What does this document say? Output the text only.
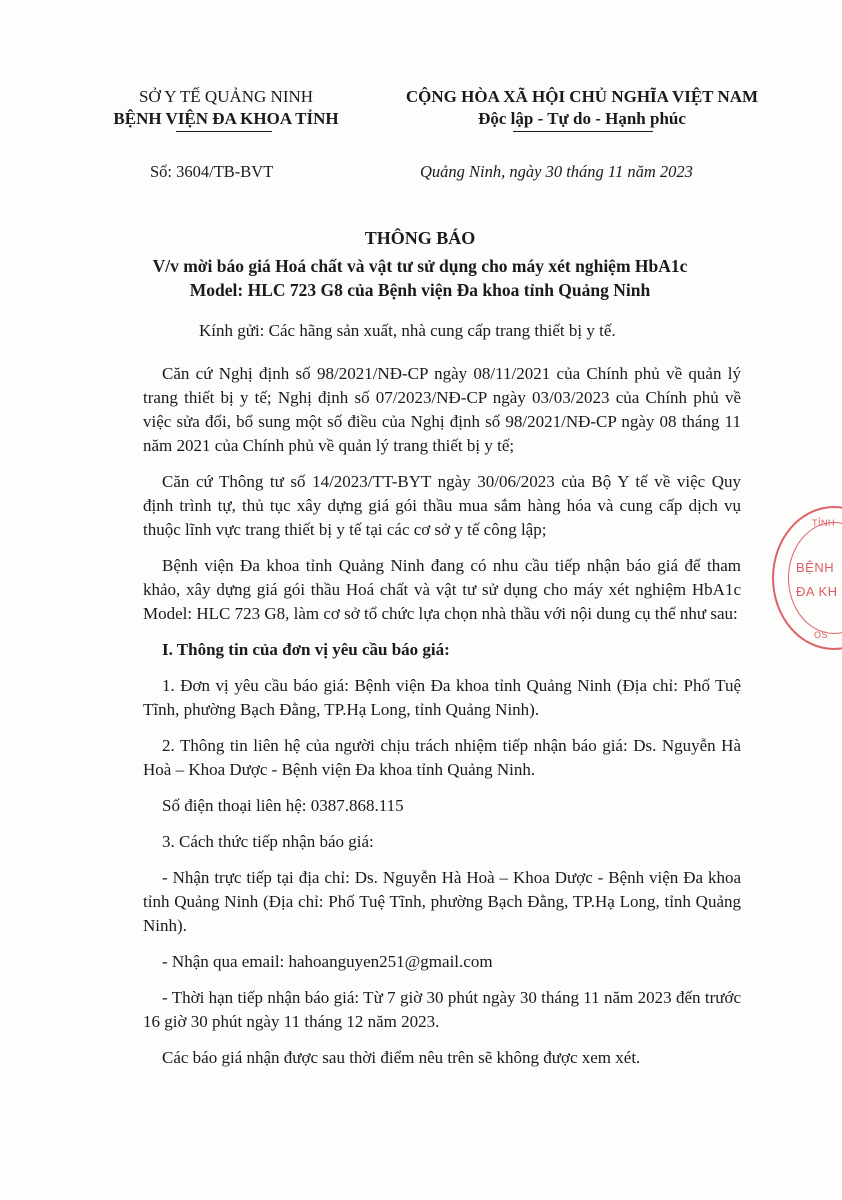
SỞ Y TẾ QUẢNG NINH
BỆNH VIỆN ĐA KHOA TỈNH
CỘNG HÒA XÃ HỘI CHỦ NGHĨA VIỆT NAM
Độc lập - Tự do - Hạnh phúc
Số: 3604/TB-BVT	Quảng Ninh, ngày 30 tháng 11 năm 2023
THÔNG BÁO
V/v mời báo giá Hoá chất và vật tư sử dụng cho máy xét nghiệm HbA1c
Model: HLC 723 G8 của Bệnh viện Đa khoa tỉnh Quảng Ninh
Kính gửi: Các hãng sản xuất, nhà cung cấp trang thiết bị y tế.

Căn cứ Nghị định số 98/2021/NĐ-CP ngày 08/11/2021 của Chính phủ về quản lý trang thiết bị y tế; Nghị định số 07/2023/NĐ-CP ngày 03/03/2023 của Chính phủ về việc sửa đổi, bổ sung một số điều của Nghị định số 98/2021/NĐ-CP ngày 08 tháng 11 năm 2021 của Chính phủ về quản lý trang thiết bị y tế;

Căn cứ Thông tư số 14/2023/TT-BYT ngày 30/06/2023 của Bộ Y tế về việc Quy định trình tự, thủ tục xây dựng giá gói thầu mua sắm hàng hóa và cung cấp dịch vụ thuộc lĩnh vực trang thiết bị y tế tại các cơ sở y tế công lập;

Bệnh viện Đa khoa tỉnh Quảng Ninh đang có nhu cầu tiếp nhận báo giá để tham khảo, xây dựng giá gói thầu Hoá chất và vật tư sử dụng cho máy xét nghiệm HbA1c Model: HLC 723 G8, làm cơ sở tổ chức lựa chọn nhà thầu với nội dung cụ thể như sau:

I. Thông tin của đơn vị yêu cầu báo giá:

1. Đơn vị yêu cầu báo giá: Bệnh viện Đa khoa tỉnh Quảng Ninh (Địa chỉ: Phố Tuệ Tĩnh, phường Bạch Đằng, TP.Hạ Long, tỉnh Quảng Ninh).

2. Thông tin liên hệ của người chịu trách nhiệm tiếp nhận báo giá: Ds. Nguyễn Hà Hoà – Khoa Dược - Bệnh viện Đa khoa tỉnh Quảng Ninh.

Số điện thoại liên hệ: 0387.868.115

3. Cách thức tiếp nhận báo giá:

- Nhận trực tiếp tại địa chỉ: Ds. Nguyễn Hà Hoà – Khoa Dược - Bệnh viện Đa khoa tỉnh Quảng Ninh (Địa chỉ: Phố Tuệ Tĩnh, phường Bạch Đằng, TP.Hạ Long, tỉnh Quảng Ninh).

- Nhận qua email: hahoanguyen251@gmail.com

- Thời hạn tiếp nhận báo giá: Từ 7 giờ 30 phút ngày 30 tháng 11 năm 2023 đến trước 16 giờ 30 phút ngày 11 tháng 12 năm 2023.

Các báo giá nhận được sau thời điểm nêu trên sẽ không được xem xét.

TỈNH
BỆNH
ĐA KH
OS
